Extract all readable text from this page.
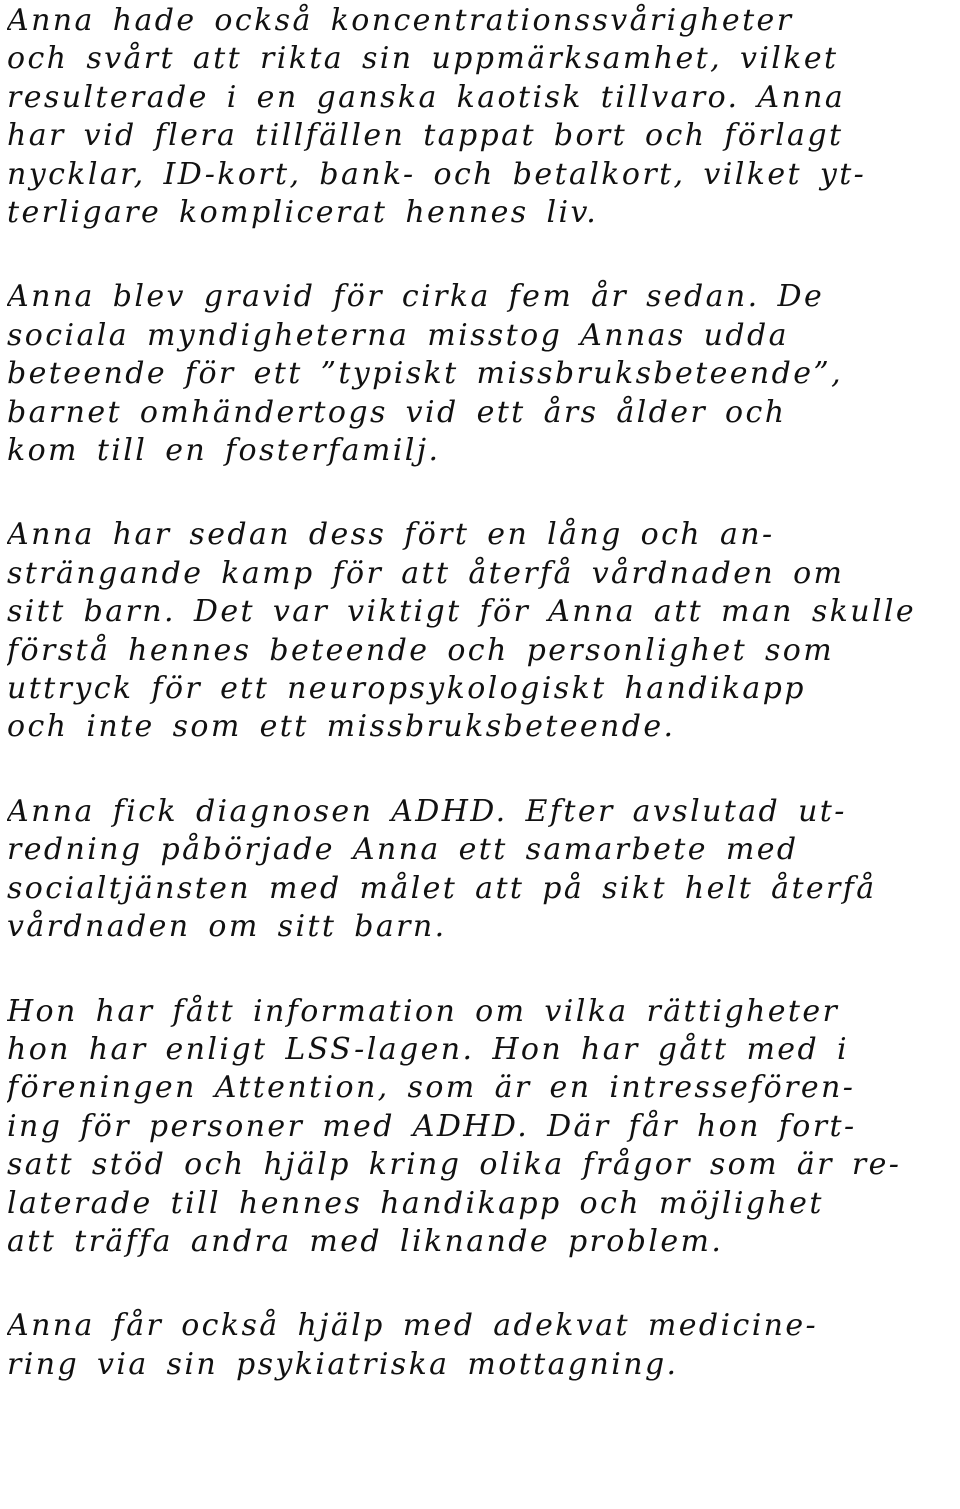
Anna hade också koncentrationssvårigheter
och svårt att rikta sin uppmärksamhet, vilket
resulterade i en ganska kaotisk tillvaro. Anna
har vid flera tillfällen tappat bort och förlagt
nycklar, ID-kort, bank- och betalkort, vilket yt-
terligare komplicerat hennes liv.

Anna blev gravid för cirka fem år sedan. De
sociala myndigheterna misstog Annas udda
beteende för ett ”typiskt missbruksbeteende”,
barnet omhändertogs vid ett års ålder och
kom till en fosterfamilj.

Anna har sedan dess fört en lång och an-
strängande kamp för att återfå vårdnaden om
sitt barn. Det var viktigt för Anna att man skulle
förstå hennes beteende och personlighet som
uttryck för ett neuropsykologiskt handikapp
och inte som ett missbruksbeteende.

Anna fick diagnosen ADHD. Efter avslutad ut-
redning påbörjade Anna ett samarbete med
socialtjänsten med målet att på sikt helt återfå
vårdnaden om sitt barn.

Hon har fått information om vilka rättigheter
hon har enligt LSS-lagen. Hon har gått med i
föreningen Attention, som är en intressefören-
ing för personer med ADHD. Där får hon fort-
satt stöd och hjälp kring olika frågor som är re-
laterade till hennes handikapp och möjlighet
att träffa andra med liknande problem.

Anna får också hjälp med adekvat medicine-
ring via sin psykiatriska mottagning.
